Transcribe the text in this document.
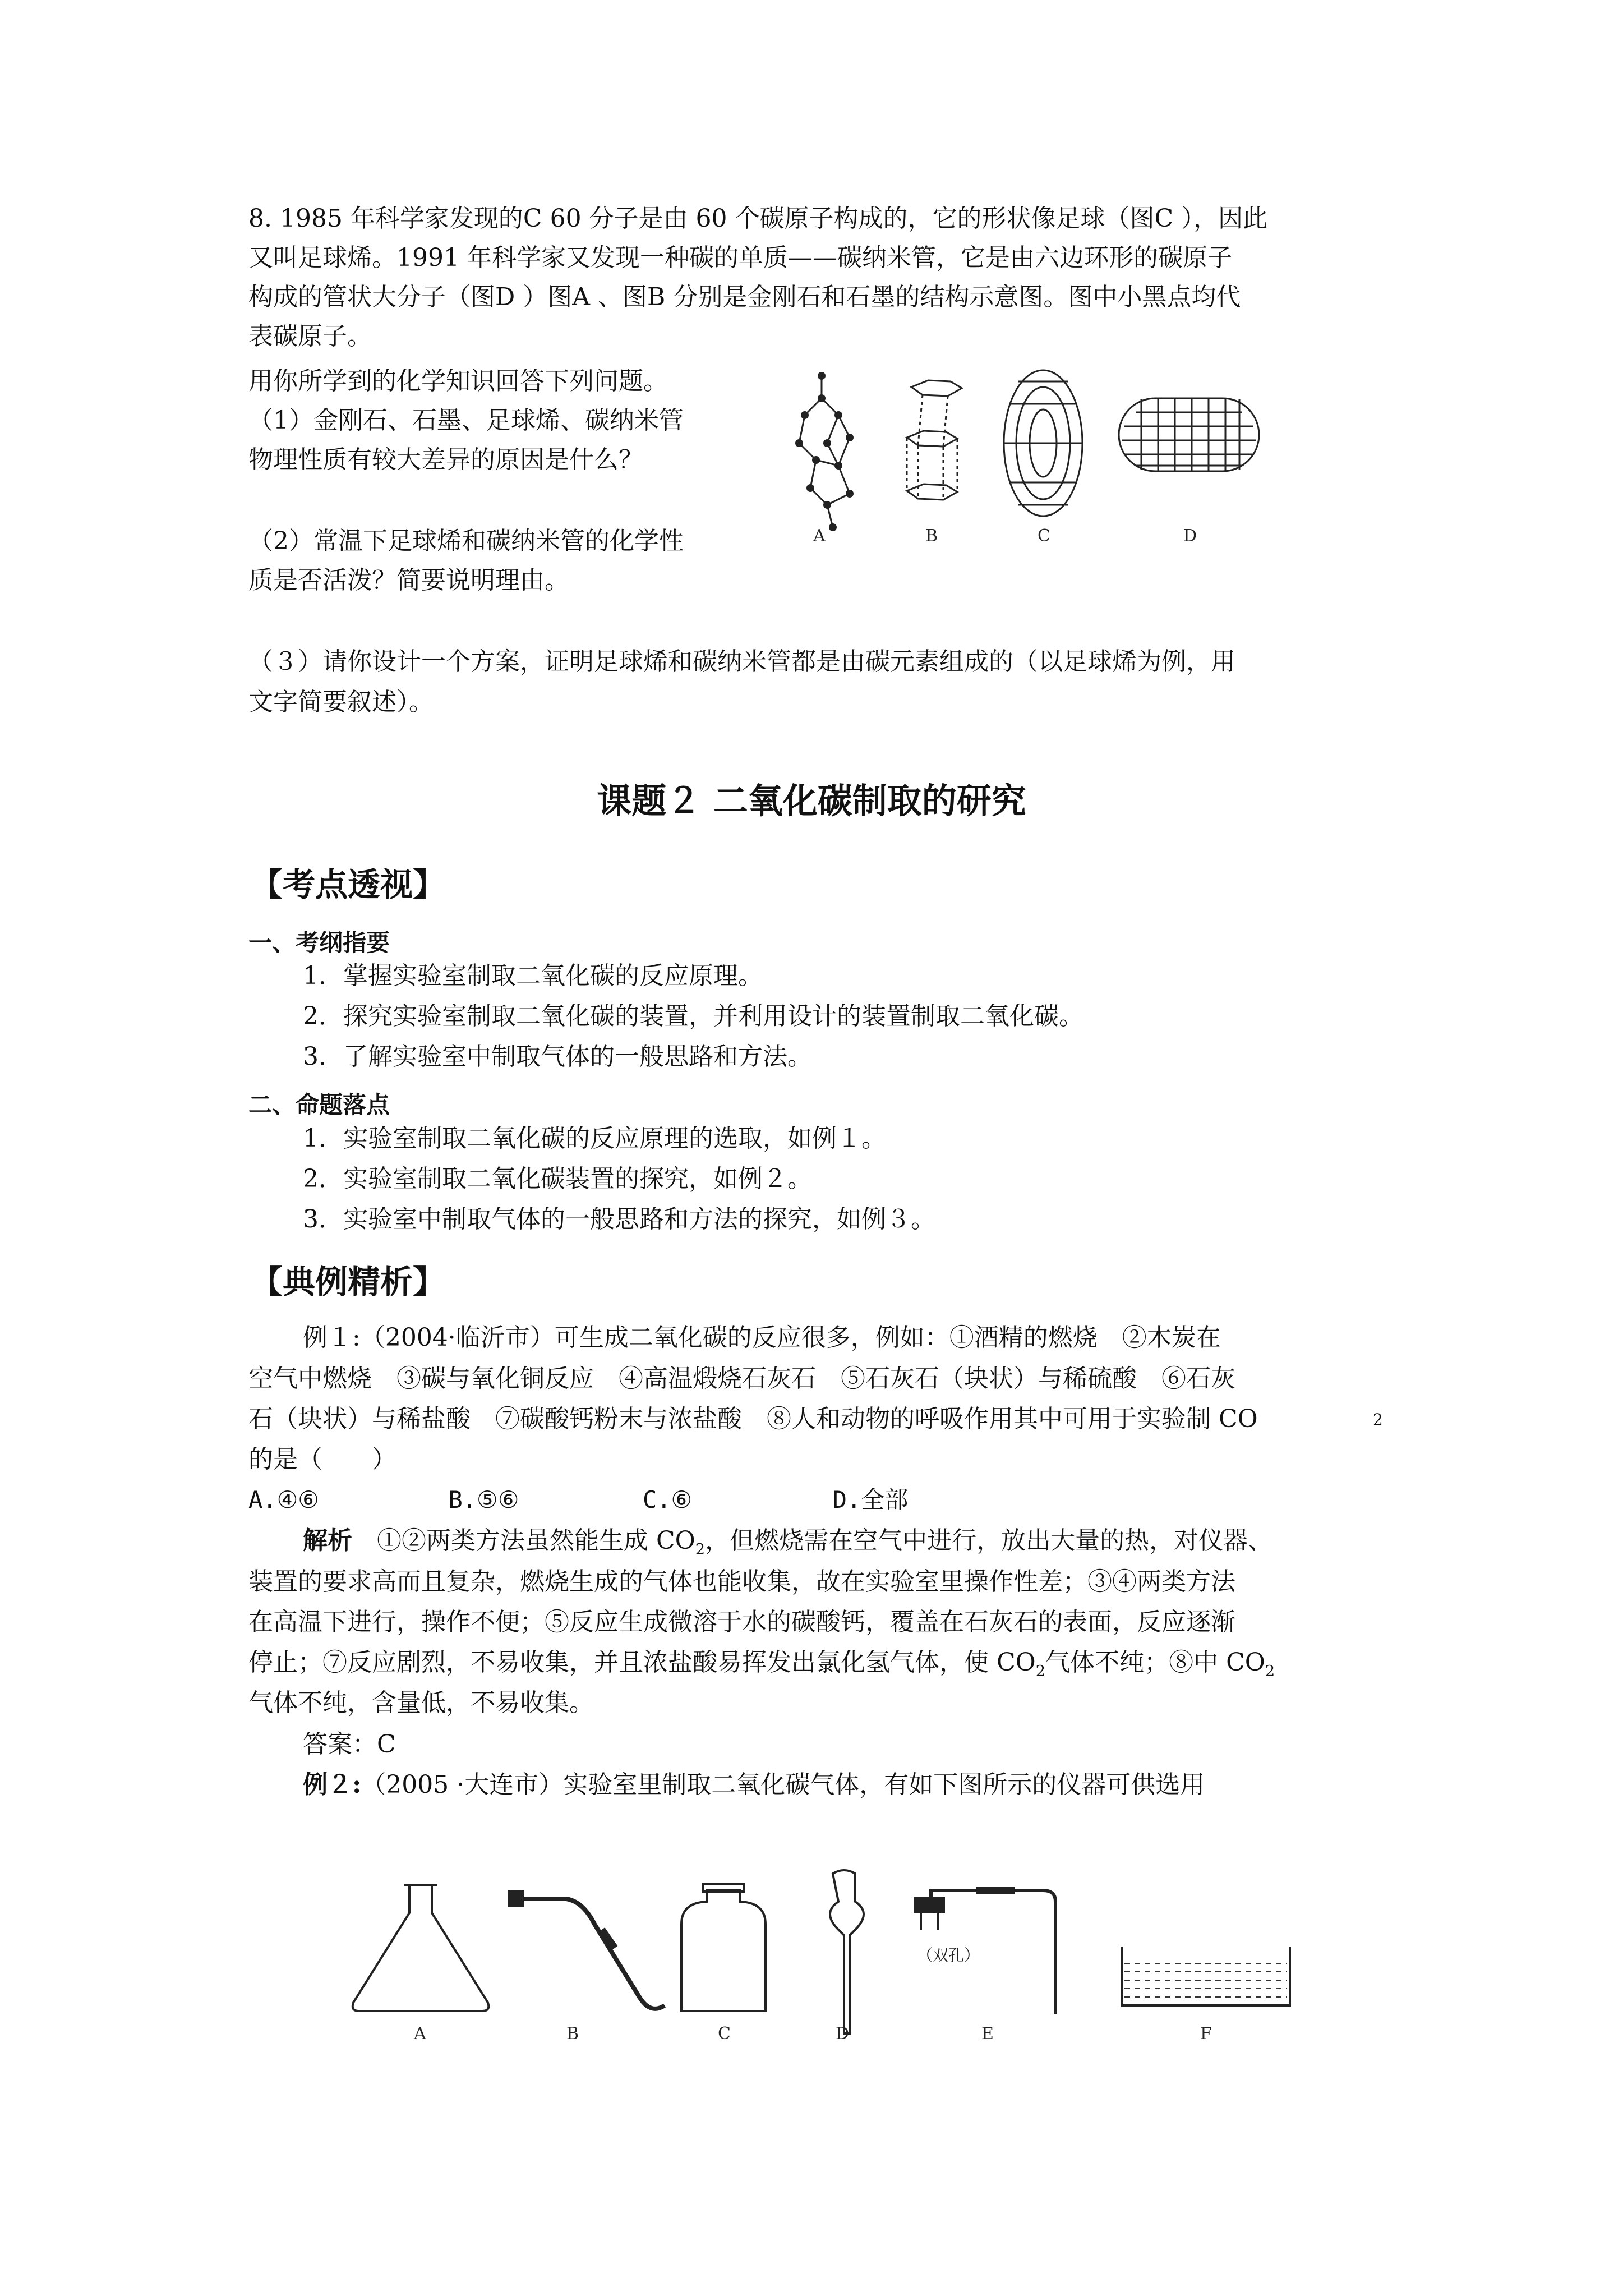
8. 1985 年科学家发现的C 60 分子是由 60 个碳原子构成的，它的形状像足球（图C ），因此
又叫足球烯。1991 年科学家又发现一种碳的单质——碳纳米管，它是由六边环形的碳原子
构成的管状大分子（图D ）图A 、图B 分别是金刚石和石墨的结构示意图。图中小黑点均代
表碳原子。
用你所学到的化学知识回答下列问题。
（1）金刚石、石墨、足球烯、碳纳米管
物理性质有较大差异的原因是什么？
（2）常温下足球烯和碳纳米管的化学性
质是否活泼？简要说明理由。
（３）请你设计一个方案，证明足球烯和碳纳米管都是由碳元素组成的（以足球烯为例，用
文字简要叙述）。
A	B	C	D
课题２ 二氧化碳制取的研究
【考点透视】
一、考纲指要
1．掌握实验室制取二氧化碳的反应原理。
2．探究实验室制取二氧化碳的装置，并利用设计的装置制取二氧化碳。
3．了解实验室中制取气体的一般思路和方法。
二、命题落点
1．实验室制取二氧化碳的反应原理的选取，如例１。
2．实验室制取二氧化碳装置的探究，如例２。
3．实验室中制取气体的一般思路和方法的探究，如例３。
【典例精析】
例１:（2004·临沂市）可生成二氧化碳的反应很多，例如：①酒精的燃烧　②木炭在
空气中燃烧　③碳与氧化铜反应　④高温煅烧石灰石　⑤石灰石（块状）与稀硫酸　⑥石灰
石（块状）与稀盐酸　⑦碳酸钙粉末与浓盐酸　⑧人和动物的呼吸作用其中可用于实验制 CO
的是（　　）
A.④⑥	B.⑤⑥	C.⑥	D.全部
2
解析 ①②两类方法虽然能生成 $CO_2$，但燃烧需在空气中进行，放出大量的热，对仪器、
装置的要求高而且复杂，燃烧生成的气体也能收集，故在实验室里操作性差；③④两类方法
在高温下进行，操作不便；⑤反应生成微溶于水的碳酸钙，覆盖在石灰石的表面，反应逐渐
停止；⑦反应剧烈，不易收集，并且浓盐酸易挥发出氯化氢气体，使 $CO_2$气体不纯；⑧中 $CO_2$
气体不纯，含量低，不易收集。
答案：C
例２:（2005 ·大连市）实验室里制取二氧化碳气体，有如下图所示的仪器可供选用
A	B	C	D
（双孔）
E	F
